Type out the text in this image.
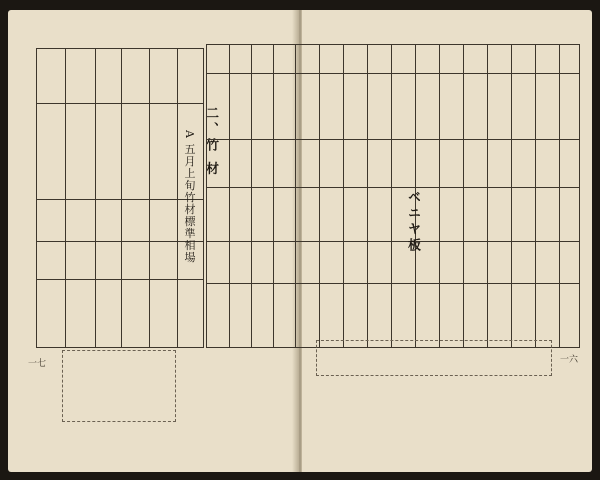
二、竹 材
A 五月上旬竹材標準相場
一七
ベニヤ板
一六
